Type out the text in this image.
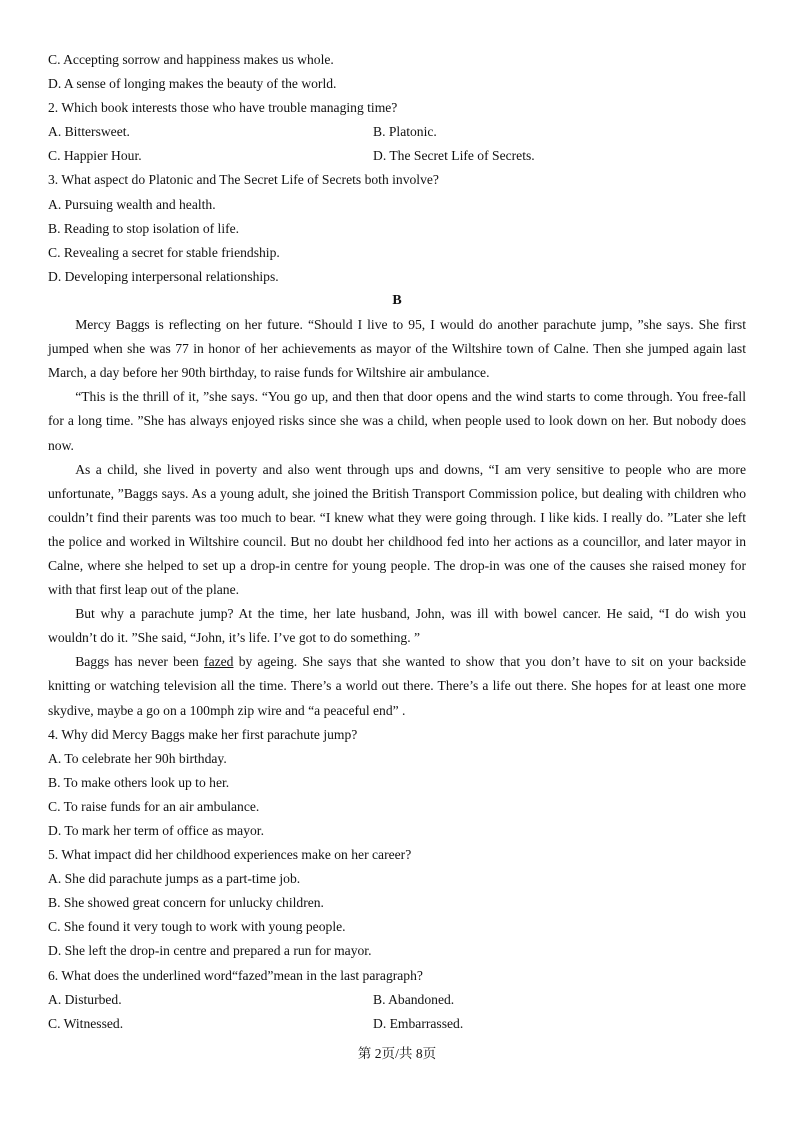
C. Accepting sorrow and happiness makes us whole.
D. A sense of longing makes the beauty of the world.
2. Which book interests those who have trouble managing time?
A. Bittersweet.	B. Platonic.
C. Happier Hour.	D. The Secret Life of Secrets.
3. What aspect do Platonic and The Secret Life of Secrets both involve?
A. Pursuing wealth and health.
B. Reading to stop isolation of life.
C. Revealing a secret for stable friendship.
D. Developing interpersonal relationships.
B
Mercy Baggs is reflecting on her future. “Should I live to 95, I would do another parachute jump, ”she says. She first jumped when she was 77 in honor of her achievements as mayor of the Wiltshire town of Calne. Then she jumped again last March, a day before her 90th birthday, to raise funds for Wiltshire air ambulance.
“This is the thrill of it, ”she says. “You go up, and then that door opens and the wind starts to come through. You free-fall for a long time. ”She has always enjoyed risks since she was a child, when people used to look down on her. But nobody does now.
As a child, she lived in poverty and also went through ups and downs, “I am very sensitive to people who are more unfortunate, ”Baggs says. As a young adult, she joined the British Transport Commission police, but dealing with children who couldn’t find their parents was too much to bear. “I knew what they were going through. I like kids. I really do. ”Later she left the police and worked in Wiltshire council. But no doubt her childhood fed into her actions as a councillor, and later mayor in Calne, where she helped to set up a drop-in centre for young people. The drop-in was one of the causes she raised money for with that first leap out of the plane.
But why a parachute jump? At the time, her late husband, John, was ill with bowel cancer. He said, “I do wish you wouldn’t do it. ”She said, “John, it’s life. I’ve got to do something. ”
Baggs has never been fazed by ageing. She says that she wanted to show that you don’t have to sit on your backside knitting or watching television all the time. There’s a world out there. There’s a life out there. She hopes for at least one more skydive, maybe a go on a 100mph zip wire and “a peaceful end” .
4. Why did Mercy Baggs make her first parachute jump?
A. To celebrate her 90h birthday.
B. To make others look up to her.
C. To raise funds for an air ambulance.
D. To mark her term of office as mayor.
5. What impact did her childhood experiences make on her career?
A. She did parachute jumps as a part-time job.
B. She showed great concern for unlucky children.
C. She found it very tough to work with young people.
D. She left the drop-in centre and prepared a run for mayor.
6. What does the underlined word“fazed”mean in the last paragraph?
A. Disturbed.	B. Abandoned.
C. Witnessed.	D. Embarrassed.
第 2页/共 8页
